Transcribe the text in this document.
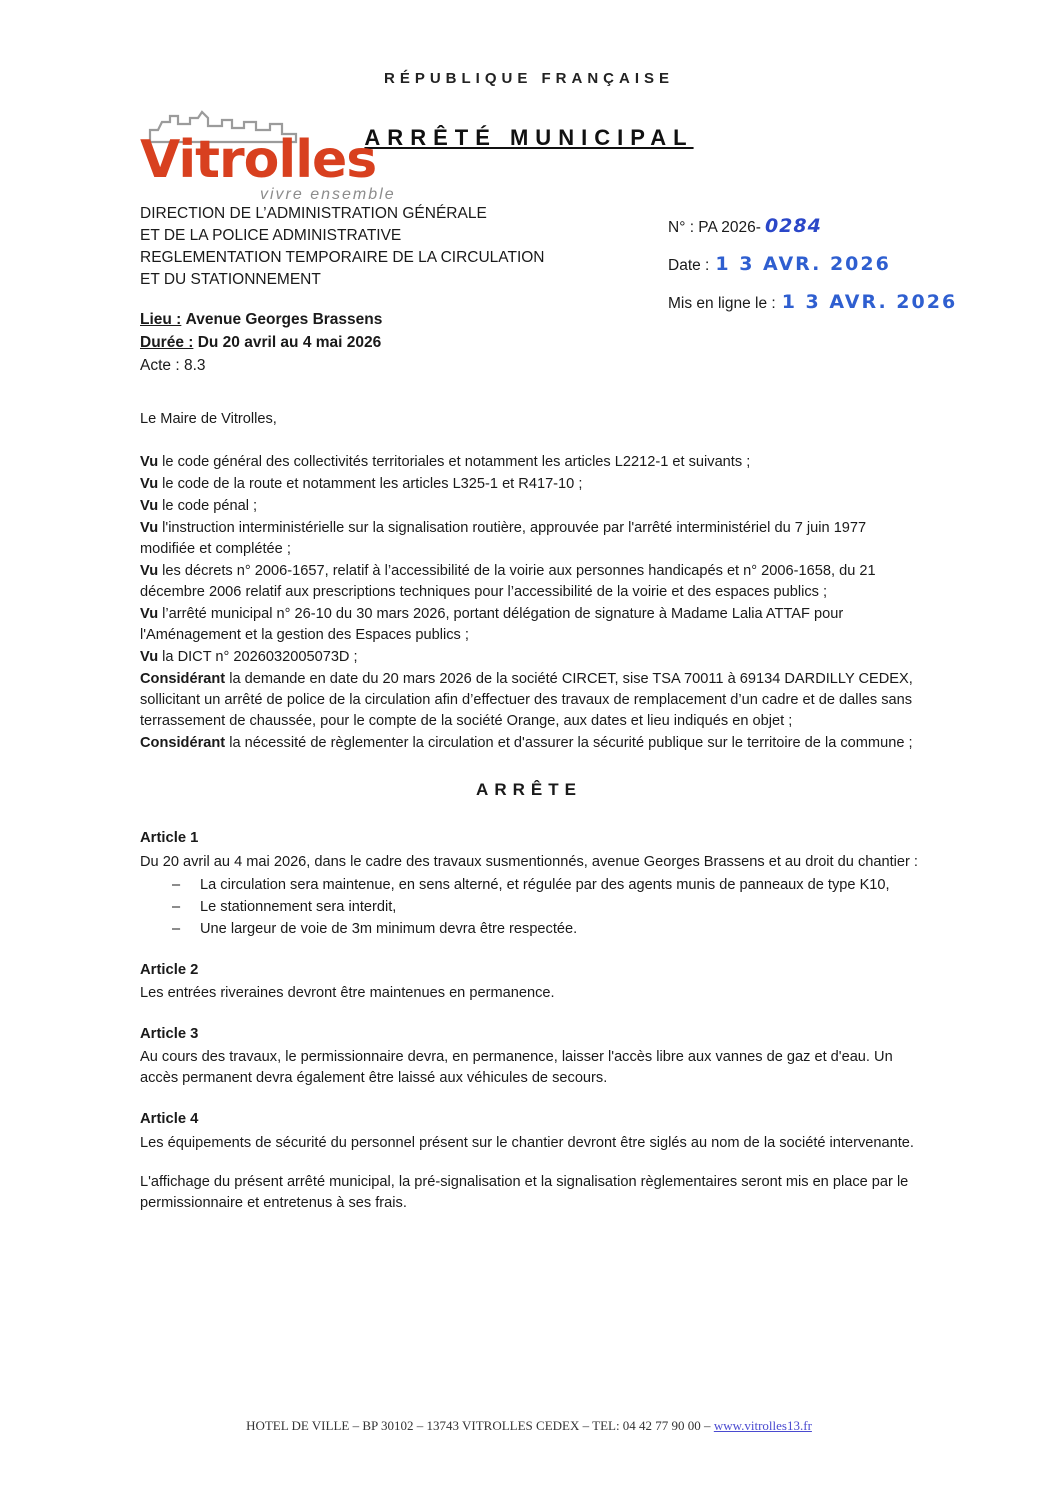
RÉPUBLIQUE FRANÇAISE
Vitrolles
vivre ensemble
ARRÊTÉ MUNICIPAL
DIRECTION DE L’ADMINISTRATION GÉNÉRALE
ET DE LA POLICE ADMINISTRATIVE
REGLEMENTATION TEMPORAIRE DE LA CIRCULATION
ET DU STATIONNEMENT
N° : PA 2026- 0284
Date : 1 3 AVR. 2026
Mis en ligne le : 1 3 AVR. 2026
Lieu : Avenue Georges Brassens
Durée : Du 20 avril au 4 mai 2026
Acte : 8.3
Le Maire de Vitrolles,

Vu le code général des collectivités territoriales et notamment les articles L2212-1 et suivants ;

Vu le code de la route et notamment les articles L325-1 et R417-10 ;

Vu le code pénal ;

Vu l'instruction interministérielle sur la signalisation routière, approuvée par l'arrêté interministériel du 7 juin 1977 modifiée et complétée ;

Vu les décrets n° 2006-1657, relatif à l’accessibilité de la voirie aux personnes handicapés et n° 2006-1658, du 21 décembre 2006 relatif aux prescriptions techniques pour l’accessibilité de la voirie et des espaces publics ;

Vu l’arrêté municipal n° 26-10 du 30 mars 2026, portant délégation de signature à Madame Lalia ATTAF pour l'Aménagement et la gestion des Espaces publics ;

Vu la DICT n° 2026032005073D ;

Considérant la demande en date du 20 mars 2026 de la société CIRCET, sise TSA 70011 à 69134 DARDILLY CEDEX, sollicitant un arrêté de police de la circulation afin d’effectuer des travaux de remplacement d’un cadre et de dalles sans terrassement de chaussée, pour le compte de la société Orange, aux dates et lieu indiqués en objet ;

Considérant la nécessité de règlementer la circulation et d'assurer la sécurité publique sur le territoire de la commune ;

ARRÊTE
Article 1
Du 20 avril au 4 mai 2026, dans le cadre des travaux susmentionnés, avenue Georges Brassens et au droit du chantier :
– La circulation sera maintenue, en sens alterné, et régulée par des agents munis de panneaux de type K10,
– Le stationnement sera interdit,
– Une largeur de voie de 3m minimum devra être respectée.
Article 2
Les entrées riveraines devront être maintenues en permanence.
Article 3
Au cours des travaux, le permissionnaire devra, en permanence, laisser l'accès libre aux vannes de gaz et d'eau. Un accès permanent devra également être laissé aux véhicules de secours.
Article 4
Les équipements de sécurité du personnel présent sur le chantier devront être siglés au nom de la société intervenante.
L'affichage du présent arrêté municipal, la pré-signalisation et la signalisation règlementaires seront mis en place par le permissionnaire et entretenus à ses frais.
HOTEL DE VILLE – BP 30102 – 13743 VITROLLES CEDEX – TEL: 04 42 77 90 00 – www.vitrolles13.fr
